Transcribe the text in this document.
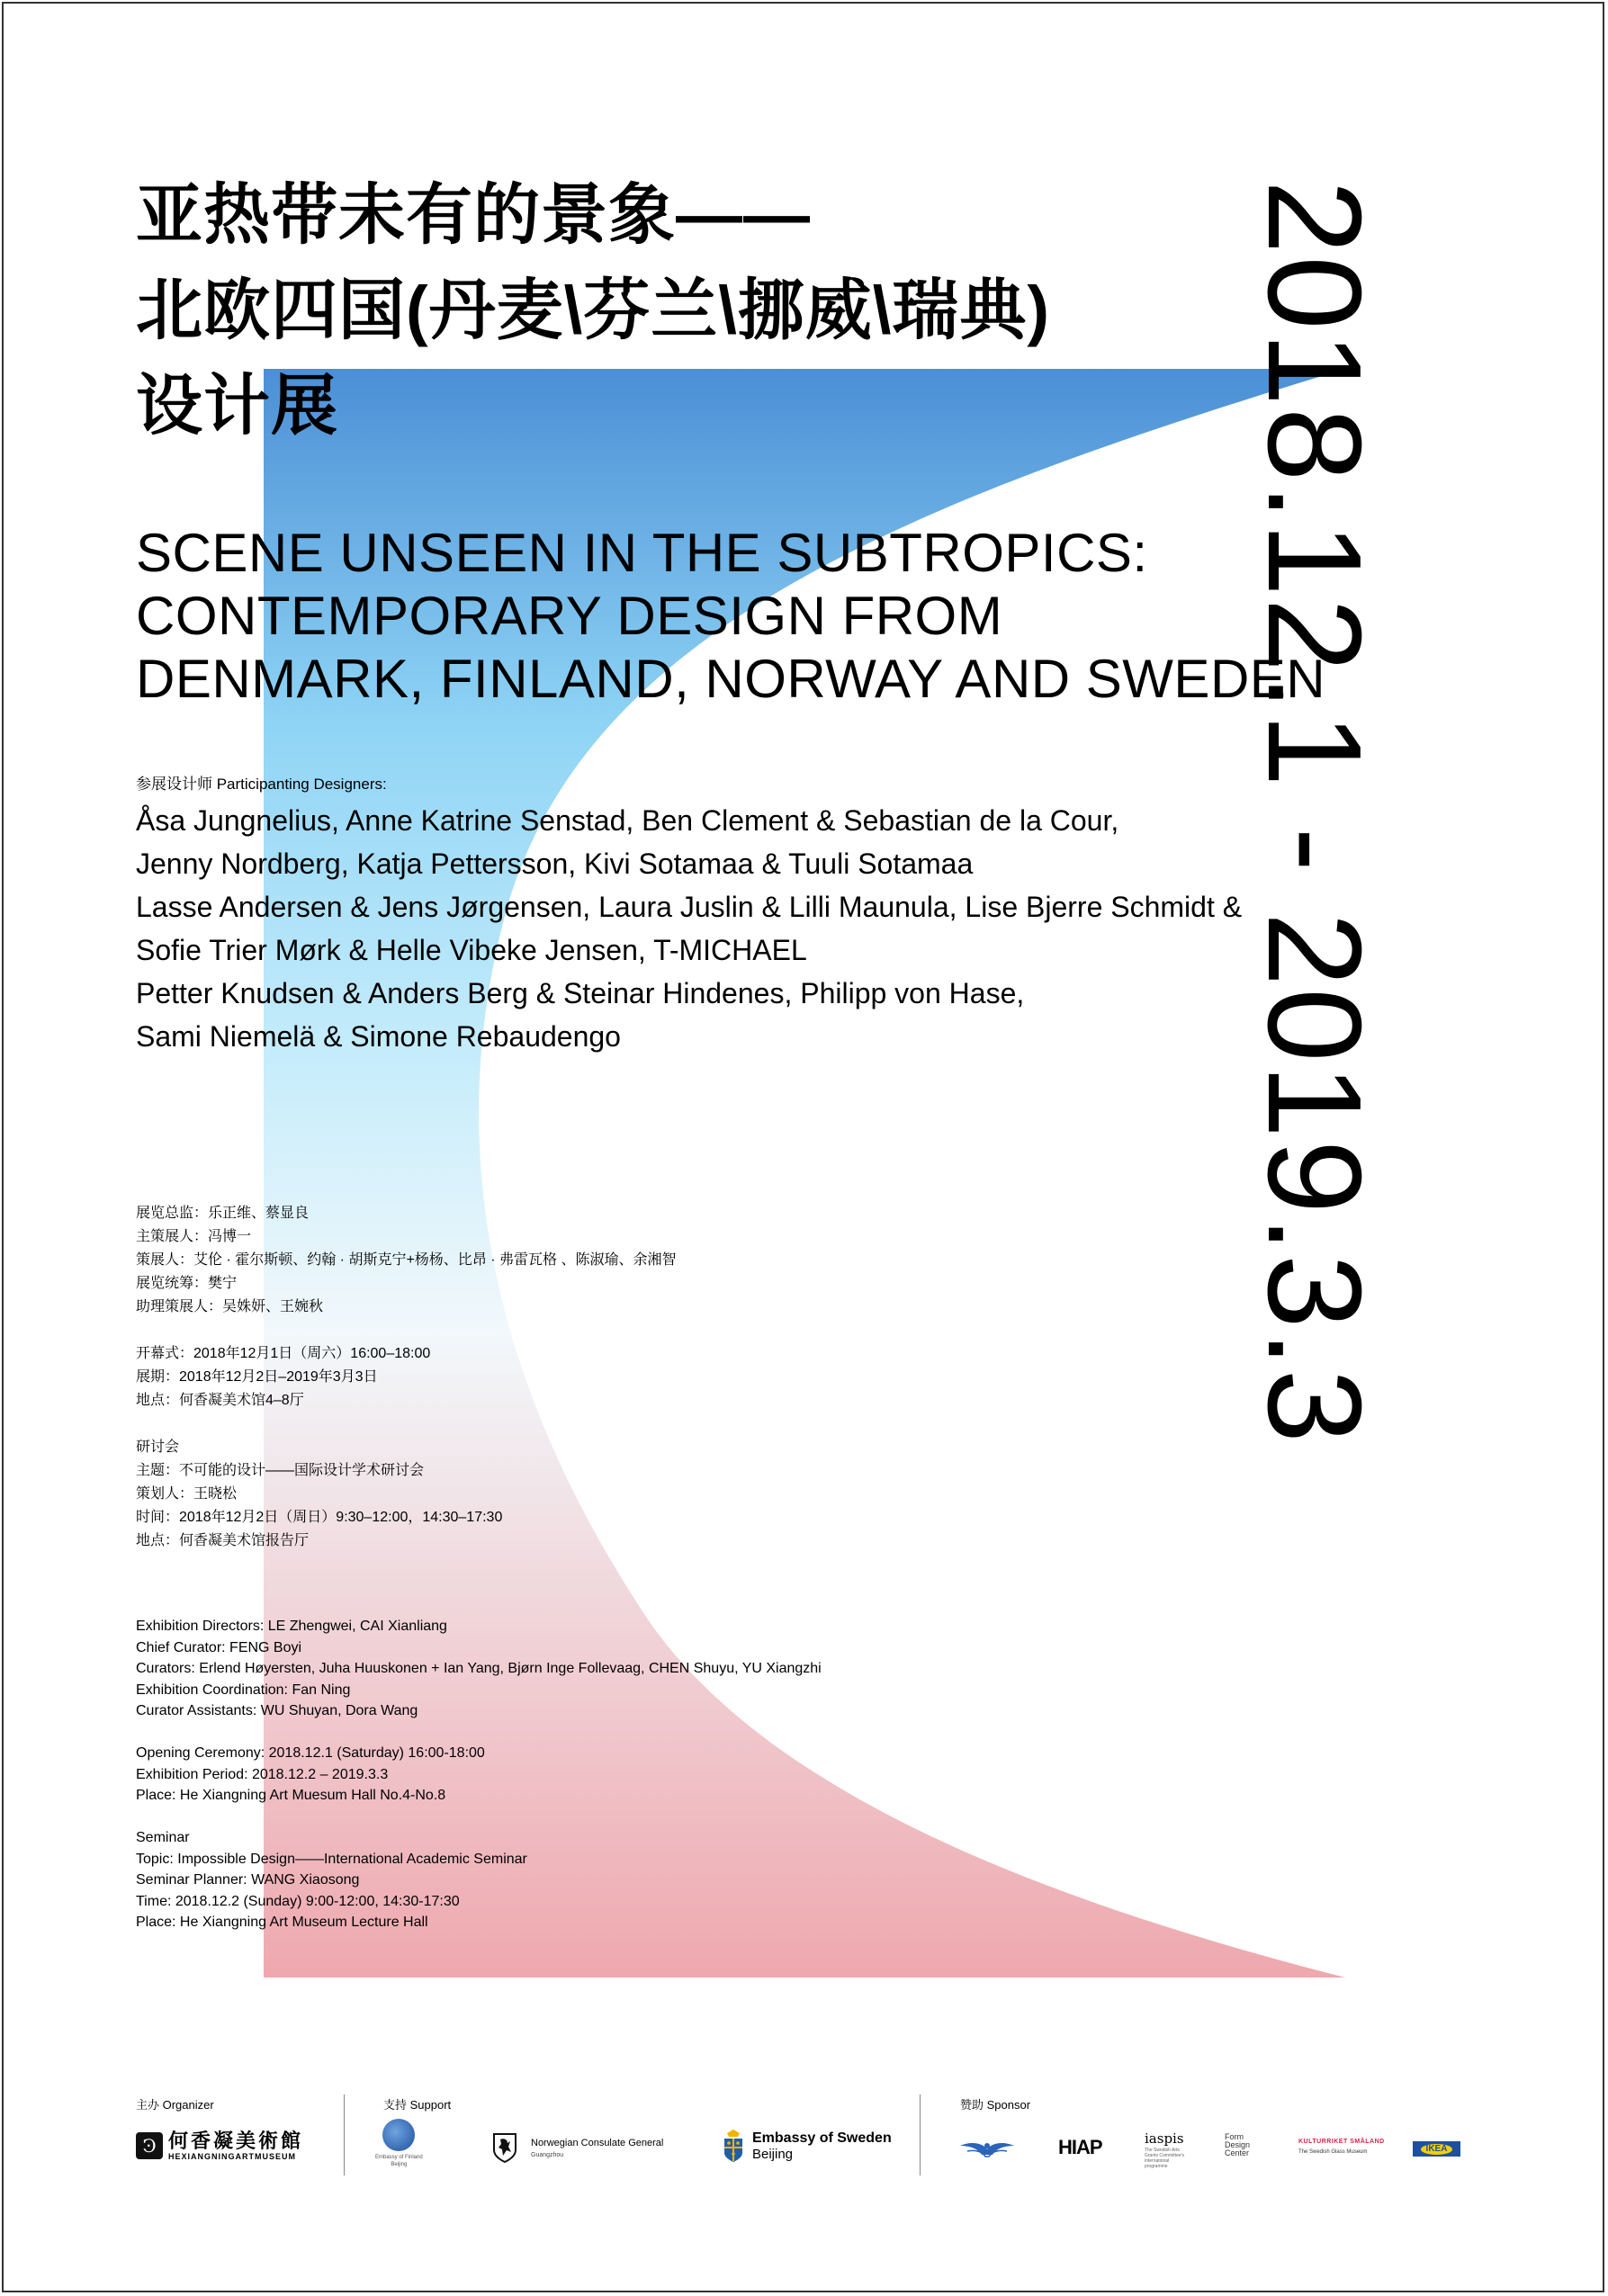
亚热带未有的景象——
北欧四国(丹麦\芬兰\挪威\瑞典)
设计展
SCENE UNSEEN IN THE SUBTROPICS:
CONTEMPORARY DESIGN FROM
DENMARK, FINLAND, NORWAY AND SWEDEN
2018.12.1 - 2019.3.3
参展设计师 Participanting Designers:
Åsa Jungnelius, Anne Katrine Senstad, Ben Clement & Sebastian de la Cour,
Jenny Nordberg, Katja Pettersson, Kivi Sotamaa & Tuuli Sotamaa
Lasse Andersen & Jens Jørgensen, Laura Juslin & Lilli Maunula, Lise Bjerre Schmidt &
Sofie Trier Mørk & Helle Vibeke Jensen, T-MICHAEL
Petter Knudsen & Anders Berg & Steinar Hindenes, Philipp von Hase,
Sami Niemelä & Simone Rebaudengo
展览总监：乐正维、蔡显良
主策展人：冯博一
策展人：艾伦 · 霍尔斯顿、约翰 · 胡斯克宁+杨杨、比昂 · 弗雷瓦格 、陈淑瑜、余湘智
展览统筹：樊宁
助理策展人：吴姝妍、王婉秋
开幕式：2018年12月1日（周六）16:00–18:00
展期：2018年12月2日–2019年3月3日
地点：何香凝美术馆4–8厅
研讨会
主题：不可能的设计——国际设计学术研讨会
策划人：王晓松
时间：2018年12月2日（周日）9:30–12:00，14:30–17:30
地点：何香凝美术馆报告厅
Exhibition Directors: LE Zhengwei, CAI Xianliang
Chief Curator: FENG Boyi
Curators: Erlend Høyersten, Juha Huuskonen + Ian Yang, Bjørn Inge Follevaag, CHEN Shuyu, YU Xiangzhi
Exhibition Coordination: Fan Ning
Curator Assistants: WU Shuyan, Dora Wang
Opening Ceremony: 2018.12.1 (Saturday) 16:00-18:00
Exhibition Period: 2018.12.2 – 2019.3.3
Place: He Xiangning Art Muesum Hall No.4-No.8
Seminar
Topic: Impossible Design——International Academic Seminar
Seminar Planner: WANG Xiaosong
Time: 2018.12.2 (Sunday) 9:00-12:00, 14:30-17:30
Place: He Xiangning Art Museum Lecture Hall
主办 Organizer	支持 Support	赞助 Sponsor
Ͽ 何香凝美術館
HEXIANGNINGARTMUSEUM	Embassy of Finland
Beijing
Norwegian Consulate General
Guangzhou
Embassy of Sweden
Beijing	HIAP	iaspis
The Swedish Arts Grants Committee's international programme
Form
Design
Center
KULTURRIKET SMÅLAND
The Swedish Glass Museum	IKEA
